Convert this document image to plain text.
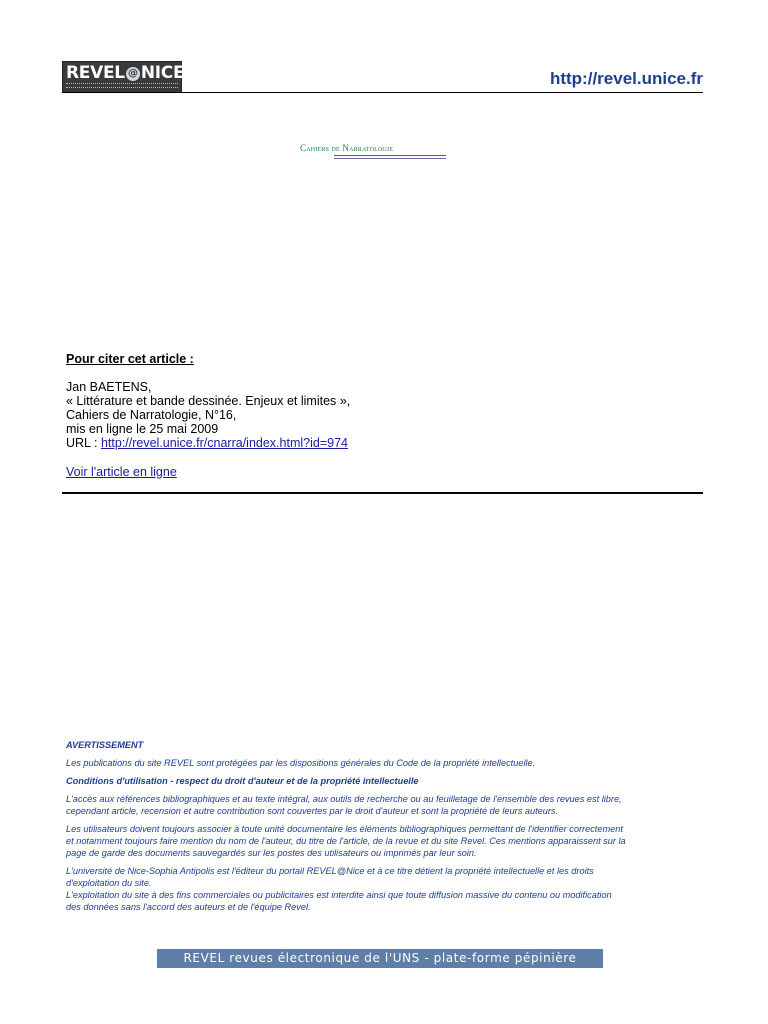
REVEL @ NICE	http://revel.unice.fr
Cahiers de Narratologie
Pour citer cet article :
Jan BAETENS,
« Littérature et bande dessinée. Enjeux et limites »,
Cahiers de Narratologie, N°16,
mis en ligne le 25 mai 2009
URL : http://revel.unice.fr/cnarra/index.html?id=974
Voir l'article en ligne

AVERTISSEMENT

Les publications du site REVEL sont protégées par les dispositions générales du Code de la propriété intellectuelle.

Conditions d'utilisation - respect du droit d'auteur et de la propriété intellectuelle

L'accès aux références bibliographiques et au texte intégral, aux outils de recherche ou au feuilletage de l'ensemble des revues est libre,
cependant article, recension et autre contribution sont couvertes par le droit d'auteur et sont la propriété de leurs auteurs.

Les utilisateurs doivent toujours associer à toute unité documentaire les éléments bibliographiques permettant de l'identifier correctement
et notamment toujours faire mention du nom de l'auteur, du titre de l'article, de la revue et du site Revel. Ces mentions apparaissent sur la
page de garde des documents sauvegardés sur les postes des utilisateurs ou imprimés par leur soin.

L'université de Nice-Sophia Antipolis est l'éditeur du portail REVEL@Nice et à ce titre détient la propriété intellectuelle et les droits
d'exploitation du site.
L'exploitation du site à des fins commerciales ou publicitaires est interdite ainsi que toute diffusion massive du contenu ou modification
des données sans l'accord des auteurs et de l'équipe Revel.

REVEL revues électronique de l'UNS - plate-forme pépinière
